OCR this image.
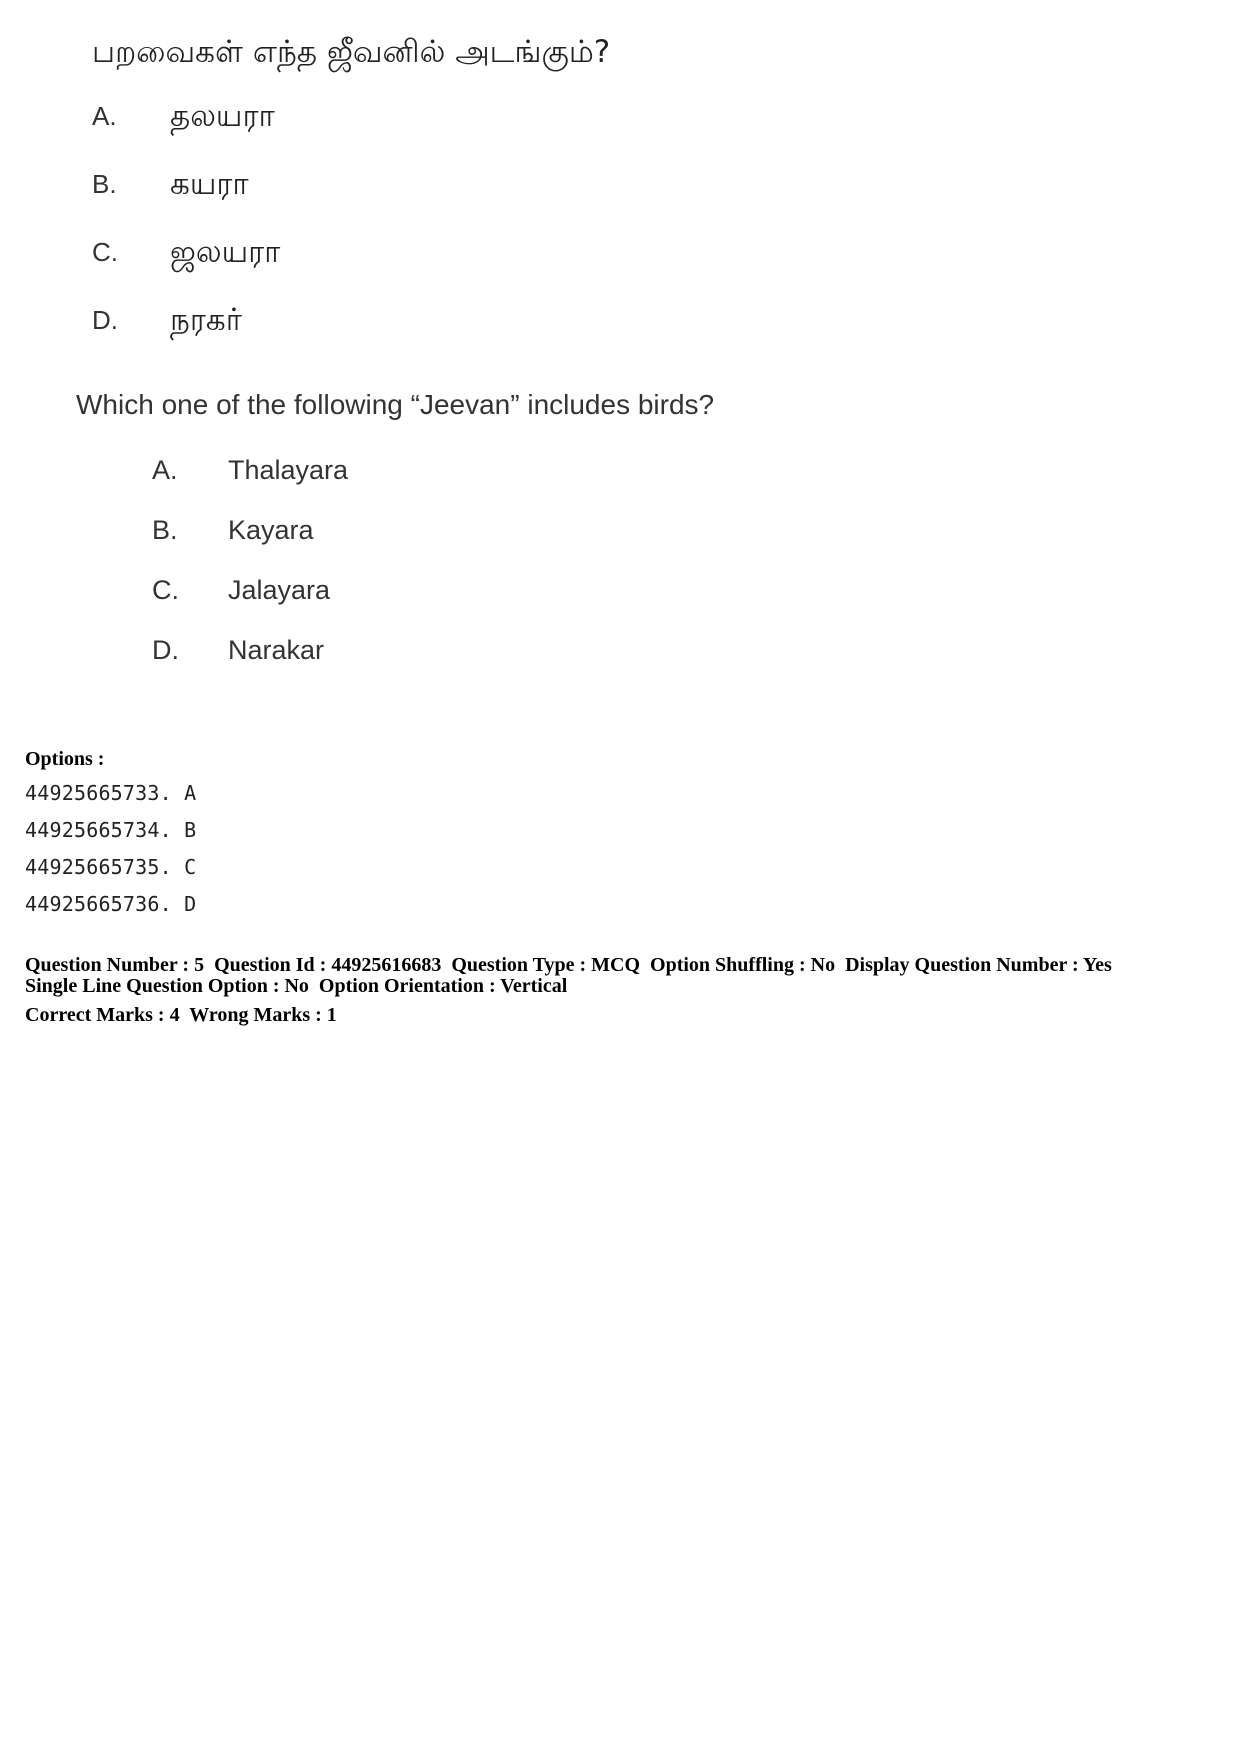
பறவைகள் எந்த ஜீவனில் அடங்கும்?

A. தலயரா
B. கயரா
C. ஜலயரா
D. நரகர்

Which one of the following “Jeevan” includes birds?

A. Thalayara
B. Kayara
C. Jalayara
D. Narakar
Options :
44925665733. A
44925665734. B
44925665735. C
44925665736. D
Question Number : 5  Question Id : 44925616683  Question Type : MCQ  Option Shuffling : No  Display Question Number : Yes
Single Line Question Option : No  Option Orientation : Vertical
Correct Marks : 4  Wrong Marks : 1
